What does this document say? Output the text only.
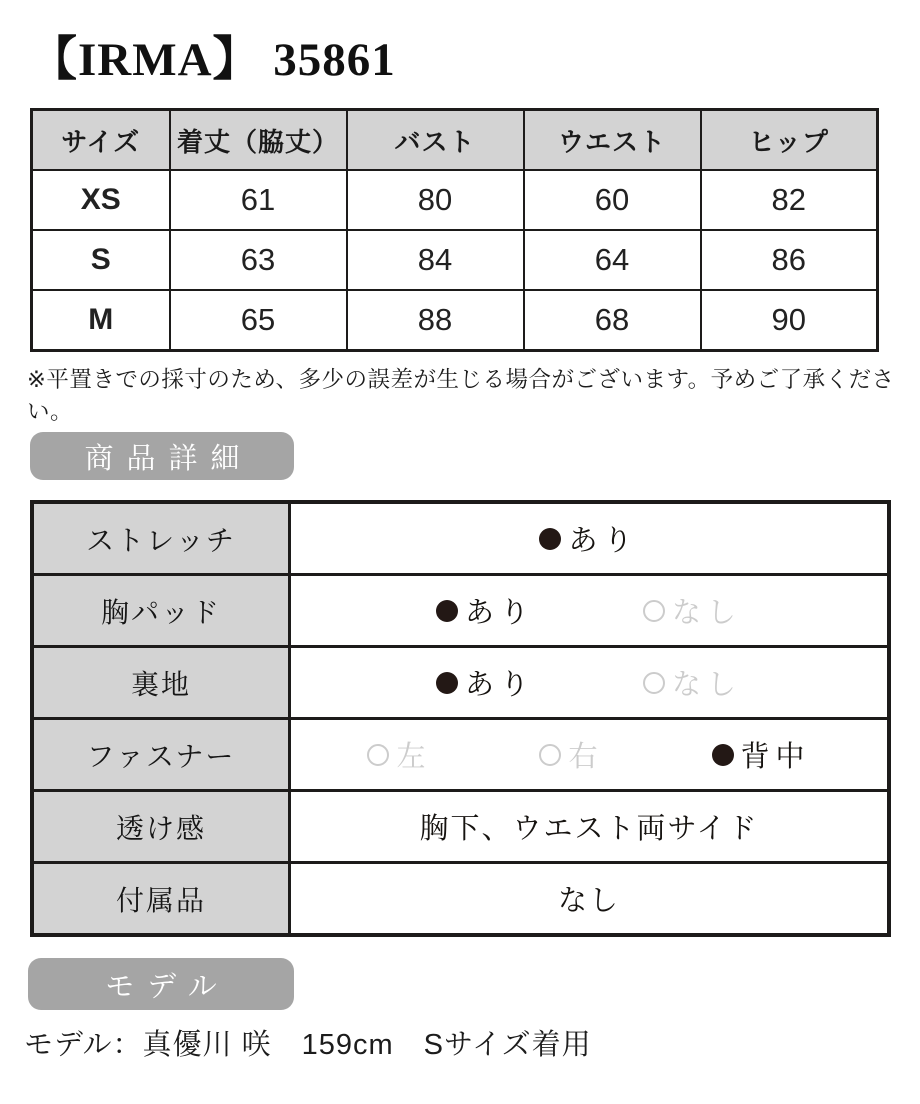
【IRMA】 35861
サイズ	着丈（脇丈）	バスト	ウエスト	ヒップ
XS	61	80	60	82
S	63	84	64	86
M	65	88	68	90

※平置きでの採寸のため、多少の誤差が生じる場合がございます。予めご了承ください。

商品詳細
ストレッチ	あり

胸パッド	あり なし

裏地	あり なし

ファスナー	左 右 背中

透け感	胸下、ウエスト両サイド

付属品	なし
モデル

モデル：真優川 咲　159cm　Sサイズ着用
